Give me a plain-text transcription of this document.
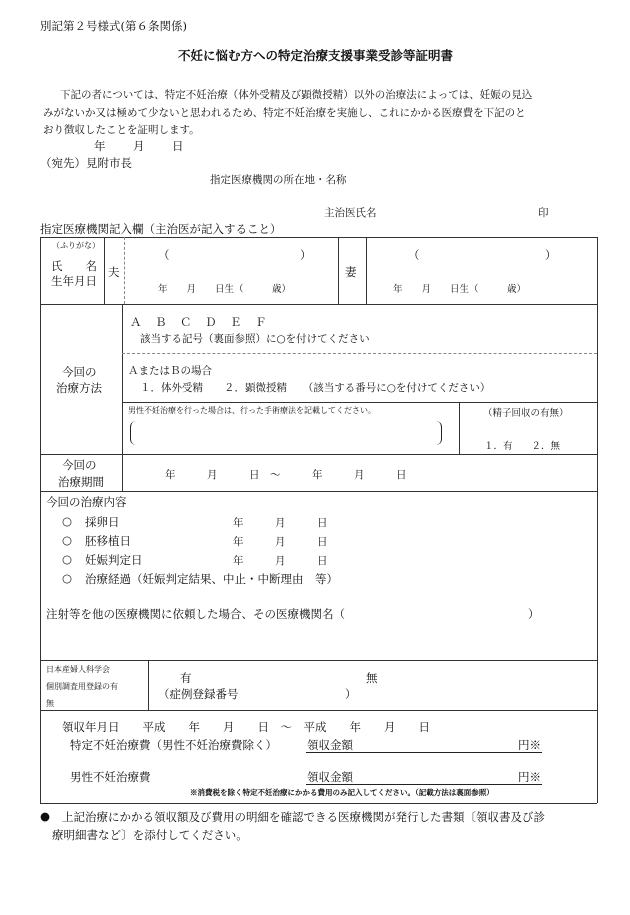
別記第２号様式(第６条関係)
不妊に悩む方への特定治療支援事業受診等証明書
下記の者については、特定不妊治療（体外受精及び顕微授精）以外の治療法によっては、妊娠の見込
みがないか又は極めて少ないと思われるため、特定不妊治療を実施し、これにかかる医療費を下記のと
おり徴収したことを証明します。
年 月 日
（宛先）見附市長
指定医療機関の所在地・名称
主治医氏名	印
指定医療機関記入欄（主治医が記入すること）
（ふりがな）
氏　　名
生年月日
夫
（	）
年　　月　　日生（　　　歳）
妻
（	）
年　　月　　日生（　　　歳）
今回の
治療方法
Ａ　Ｂ　Ｃ　Ｄ　Ｅ　Ｆ
該当する記号（裏面参照）に○を付けてください
ＡまたはＢの場合
１．体外受精　　２．顕微授精　　（該当する番号に○を付けてください）
男性不妊治療を行った場合は、行った手術療法を記載してください。	（精子回収の有無）
１．有　　２．無
今回の
治療期間	年　　　月　　　日　～　　　年　　　月　　　日
今回の治療内容
○ 採卵日	年　　　月　　　日
○ 胚移植日	年　　　月　　　日
○ 妊娠判定日	年　　　月　　　日
○ 治療経過（妊娠判定結果、中止・中断理由　等）
注射等を他の医療機関に依頼した場合、その医療機関名（	）
日本産婦人科学会
個別調査用登録の有
無
有	無
（症例登録番号	）
領収年月日　　平成　　年　　月　　日　～　平成　　年　　月　　日
特定不妊治療費（男性不妊治療費除く）	領収金額	円※
男性不妊治療費	領収金額	円※
※消費税を除く特定不妊治療にかかる費用のみ記入してください。（記載方法は裏面参照）
● 上記治療にかかる領収額及び費用の明細を確認できる医療機関が発行した書類〔領収書及び診
療明細書など〕を添付してください。
